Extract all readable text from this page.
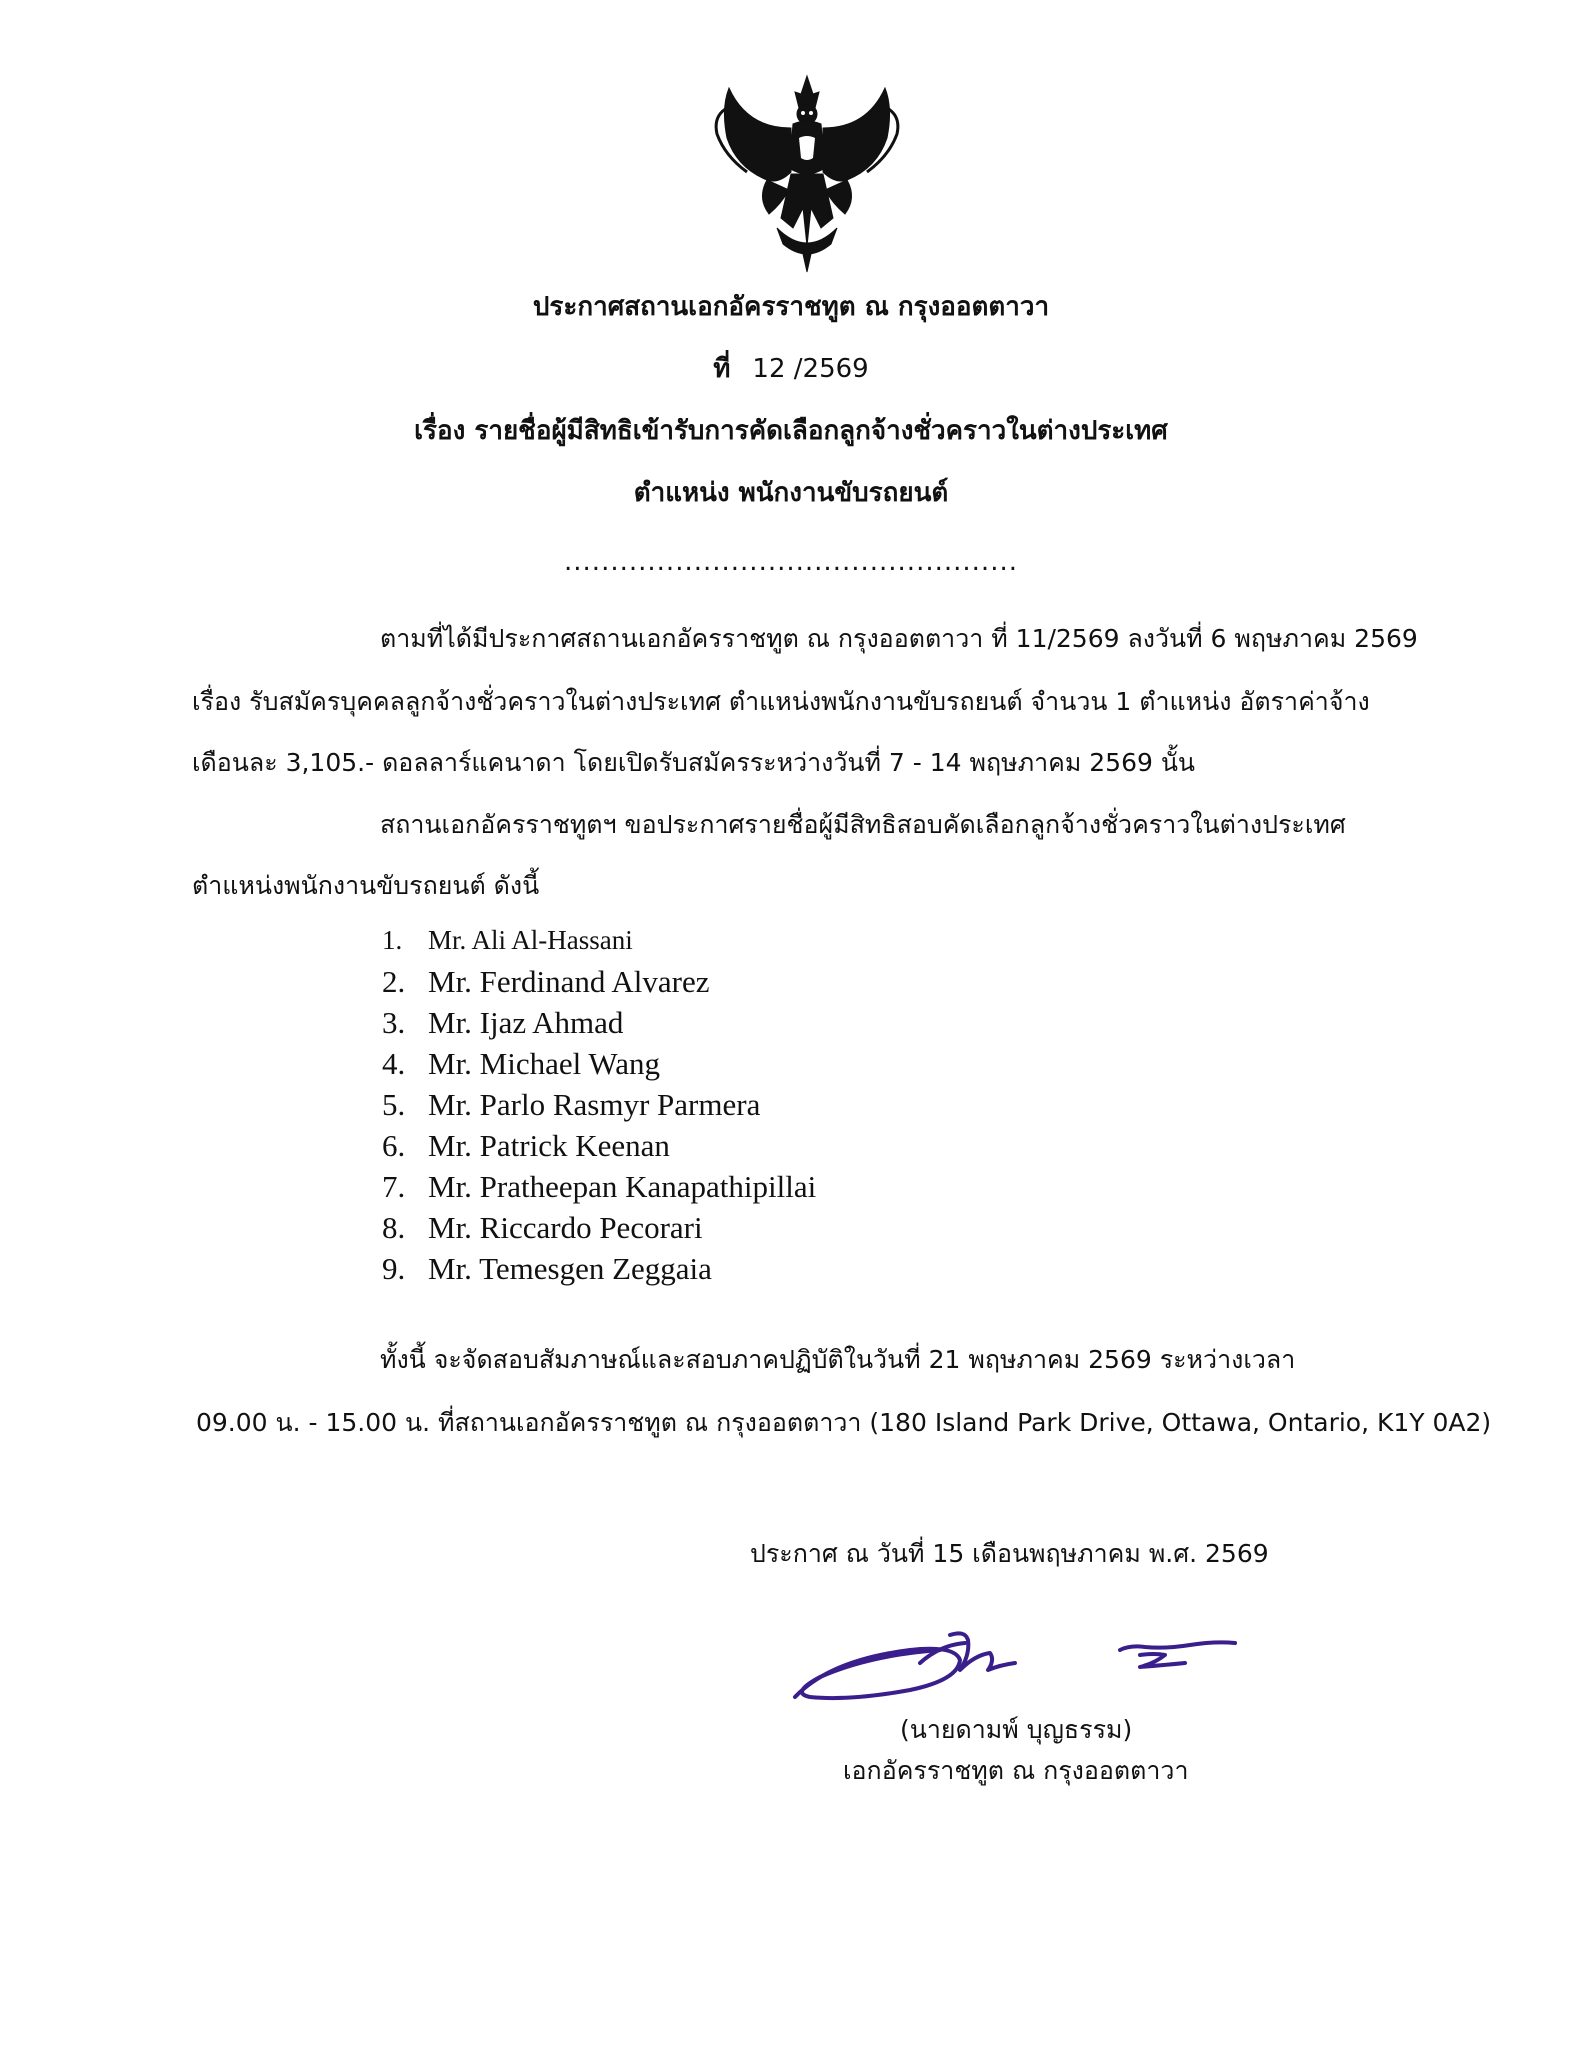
ประกาศสถานเอกอัครราชทูต ณ กรุงออตตาวา
ที่ 12 /2569
เรื่อง รายชื่อผู้มีสิทธิเข้ารับการคัดเลือกลูกจ้างชั่วคราวในต่างประเทศ
ตำแหน่ง พนักงานขับรถยนต์
.................................................
ตามที่ได้มีประกาศสถานเอกอัครราชทูต ณ กรุงออตตาวา ที่ 11/2569 ลงวันที่ 6 พฤษภาคม 2569
เรื่อง รับสมัครบุคคลลูกจ้างชั่วคราวในต่างประเทศ ตำแหน่งพนักงานขับรถยนต์ จำนวน 1 ตำแหน่ง อัตราค่าจ้าง
เดือนละ 3,105.- ดอลลาร์แคนาดา โดยเปิดรับสมัครระหว่างวันที่ 7 - 14 พฤษภาคม 2569 นั้น
สถานเอกอัครราชทูตฯ ขอประกาศรายชื่อผู้มีสิทธิสอบคัดเลือกลูกจ้างชั่วคราวในต่างประเทศ
ตำแหน่งพนักงานขับรถยนต์ ดังนี้
1. Mr. Ali Al-Hassani
2. Mr. Ferdinand Alvarez
3. Mr. Ijaz Ahmad
4. Mr. Michael Wang
5. Mr. Parlo Rasmyr Parmera
6. Mr. Patrick Keenan
7. Mr. Pratheepan Kanapathipillai
8. Mr. Riccardo Pecorari
9. Mr. Temesgen Zeggaia
ทั้งนี้ จะจัดสอบสัมภาษณ์และสอบภาคปฏิบัติในวันที่ 21 พฤษภาคม 2569 ระหว่างเวลา
09.00 น. - 15.00 น. ที่สถานเอกอัครราชทูต ณ กรุงออตตาวา (180 Island Park Drive, Ottawa, Ontario, K1Y 0A2)
ประกาศ ณ วันที่ 15 เดือนพฤษภาคม พ.ศ. 2569
(นายดามพ์ บุญธรรม)
เอกอัครราชทูต ณ กรุงออตตาวา
